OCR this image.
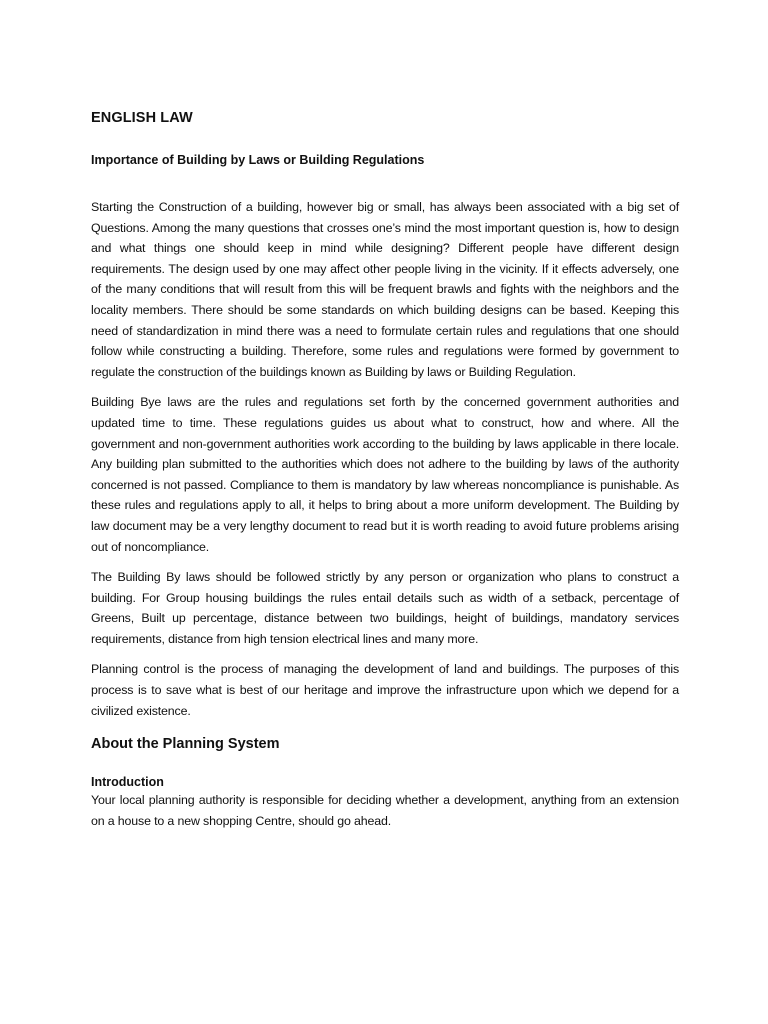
ENGLISH LAW
Importance of Building by Laws or Building Regulations

Starting the Construction of a building, however big or small, has always been associated with a big set of Questions. Among the many questions that crosses one’s mind the most important question is, how to design and what things one should keep in mind while designing? Different people have different design requirements. The design used by one may affect other people living in the vicinity. If it effects adversely, one of the many conditions that will result from this will be frequent brawls and fights with the neighbors and the locality members. There should be some standards on which building designs can be based. Keeping this need of standardization in mind there was a need to formulate certain rules and regulations that one should follow while constructing a building. Therefore, some rules and regulations were formed by government to regulate the construction of the buildings known as Building by laws or Building Regulation.

Building Bye laws are the rules and regulations set forth by the concerned government authorities and updated time to time. These regulations guides us about what to construct, how and where. All the government and non-government authorities work according to the building by laws applicable in there locale. Any building plan submitted to the authorities which does not adhere to the building by laws of the authority concerned is not passed. Compliance to them is mandatory by law whereas noncompliance is punishable. As these rules and regulations apply to all, it helps to bring about a more uniform development. The Building by law document may be a very lengthy document to read but it is worth reading to avoid future problems arising out of noncompliance.

The Building By laws should be followed strictly by any person or organization who plans to construct a building. For Group housing buildings the rules entail details such as width of a setback, percentage of Greens, Built up percentage, distance between two buildings, height of buildings, mandatory services requirements, distance from high tension electrical lines and many more.

Planning control is the process of managing the development of land and buildings. The purposes of this process is to save what is best of our heritage and improve the infrastructure upon which we depend for a civilized existence.

About the Planning System
Introduction

Your local planning authority is responsible for deciding whether a development, anything from an extension on a house to a new shopping Centre, should go ahead.
